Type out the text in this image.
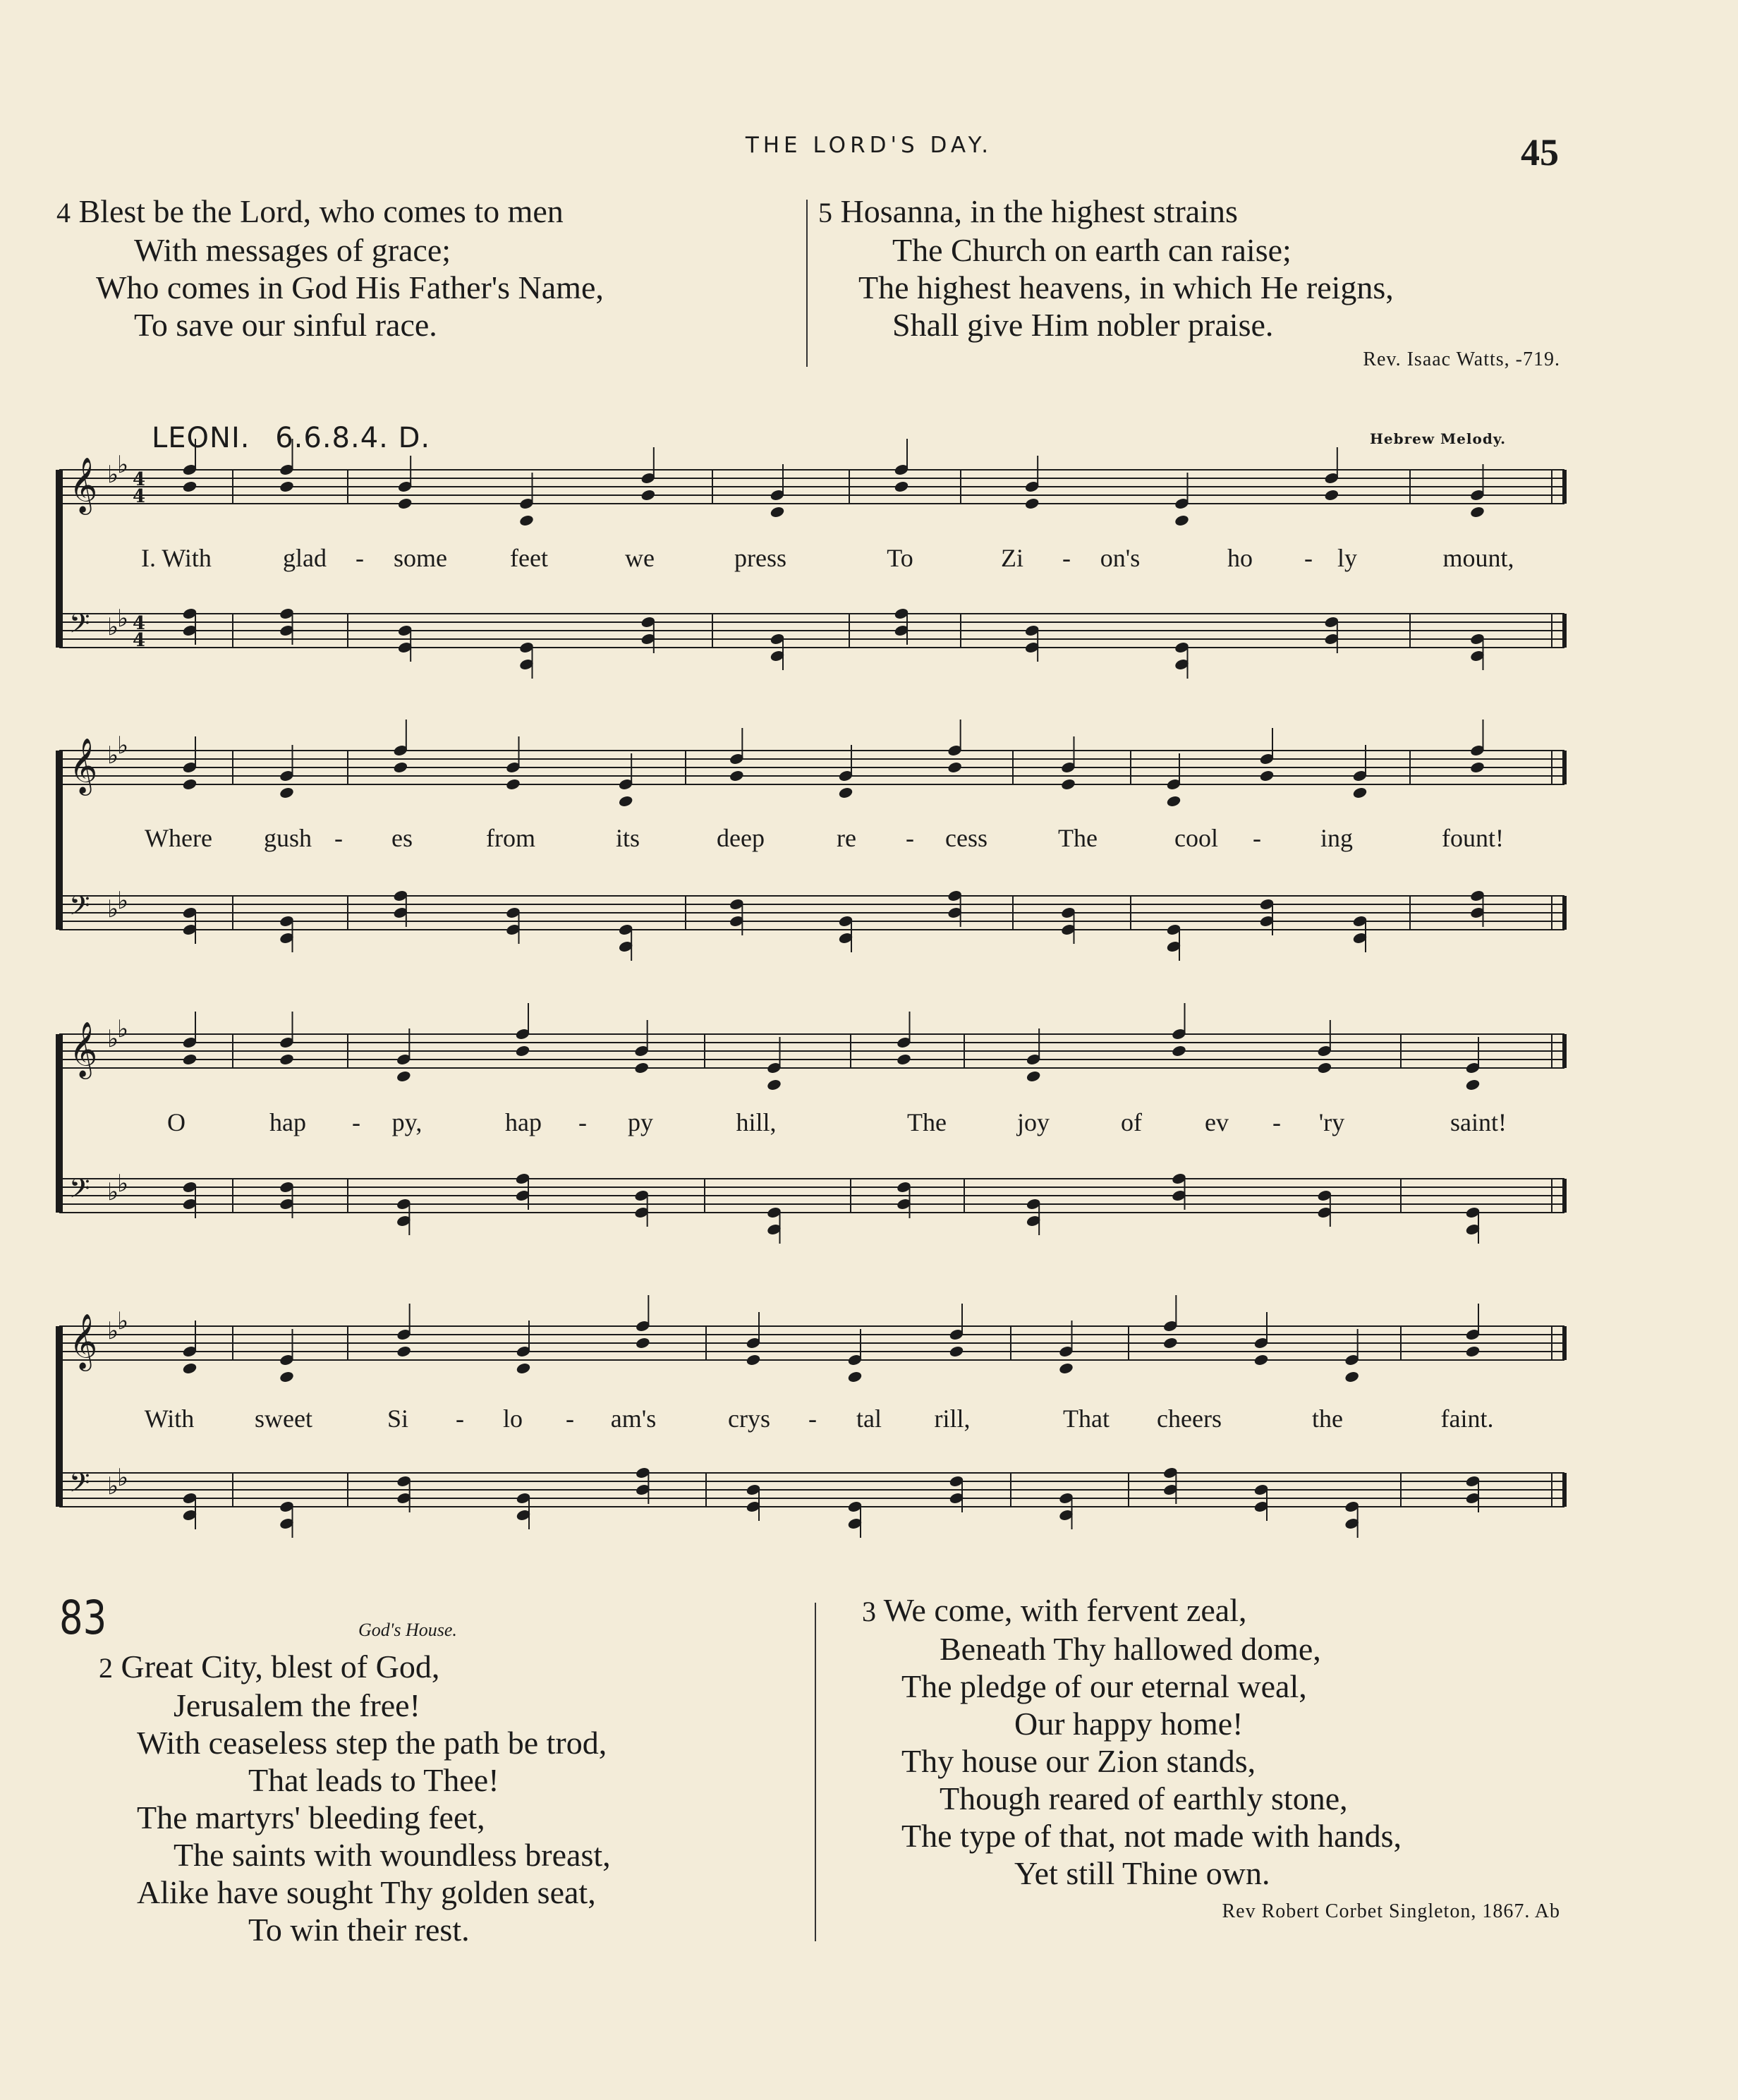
THE LORD'S DAY.	45
4 Blest be the Lord, who comes to men
With messages of grace;
Who comes in God His Father's Name,
To save our sinful race.
5 Hosanna, in the highest strains
The Church on earth can raise;
The highest heavens, in which He reigns,
Shall give Him nobler praise.
Rev. Isaac Watts, -719.
LEONI. 6.6.8.4. D.	Hebrew Melody.
𝄞 ♭
♭
4
4
𝄢 ♭
♭ 4
4
𝄞 ♭
♭
𝄢 ♭
♭
𝄞 ♭
♭
𝄢 ♭
♭
𝄞 ♭
♭
𝄢 ♭
♭
I. With	glad - some feet	we	press	To	Zi - on's	ho - ly	mount,
Where gush - es	from	its	deep	re - cess	The	cool - ing	fount!
O	hap - py,	hap - py	hill,	The	joy	of ev - 'ry	saint!
With sweet	Si - lo - am's	crys - tal rill,	That cheers	the	faint.
83	God's House.
2 Great City, blest of God,
Jerusalem the free!
With ceaseless step the path be trod,
That leads to Thee!
The martyrs' bleeding feet,
The saints with woundless breast,
Alike have sought Thy golden seat,
To win their rest.
3 We come, with fervent zeal,
Beneath Thy hallowed dome,
The pledge of our eternal weal,
Our happy home!
Thy house our Zion stands,
Though reared of earthly stone,
The type of that, not made with hands,
Yet still Thine own.
Rev Robert Corbet Singleton, 1867. Ab
